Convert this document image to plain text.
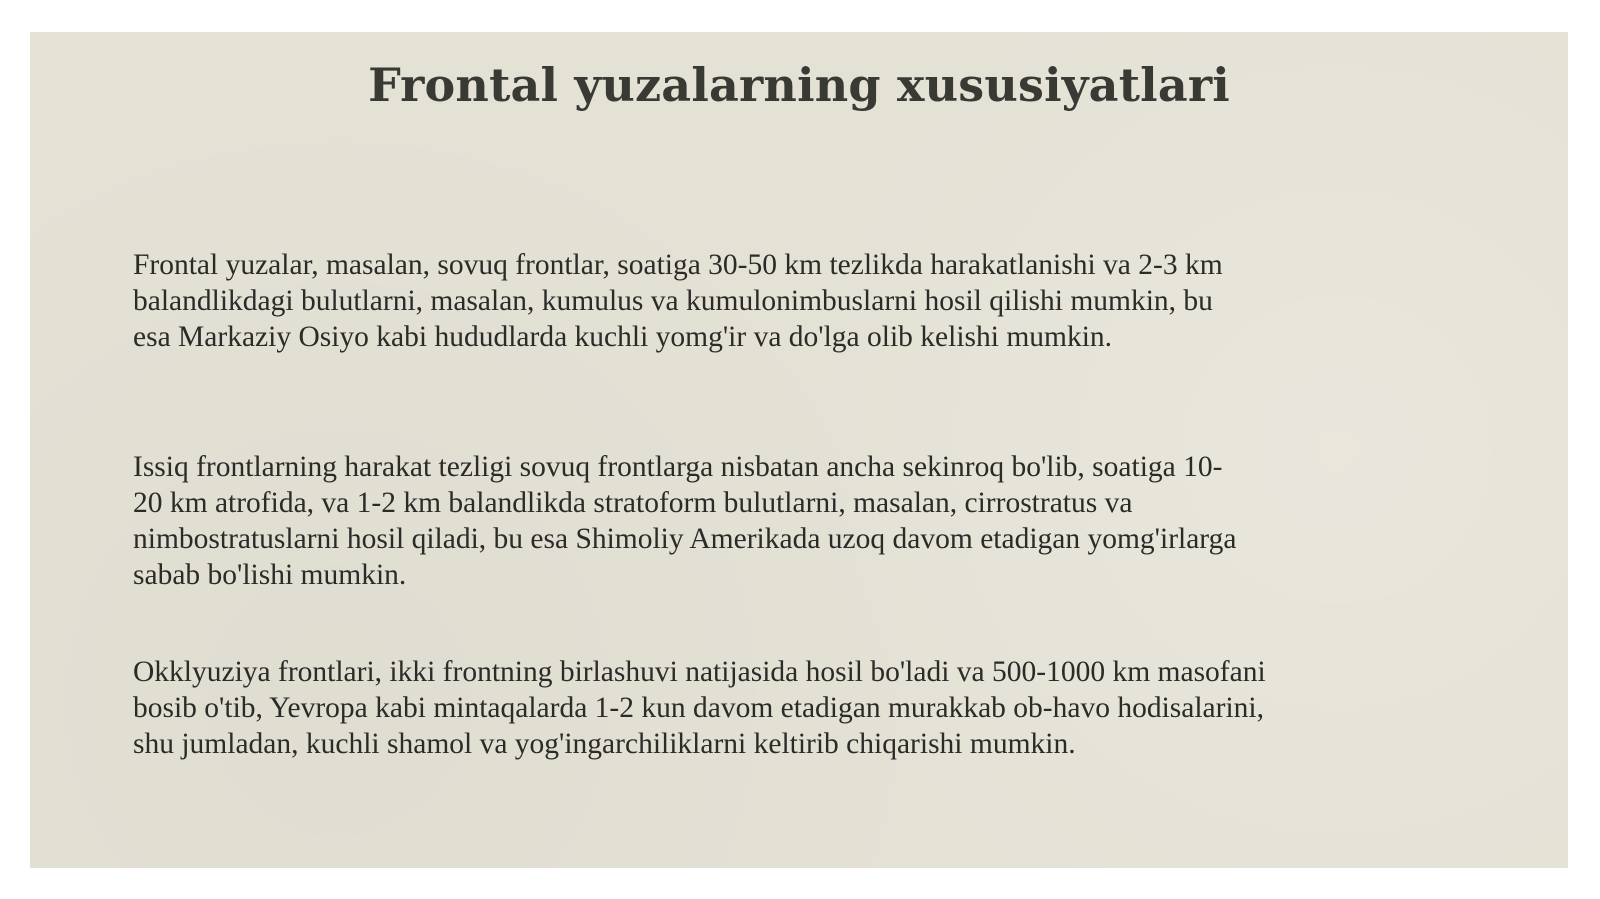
Frontal yuzalarning xususiyatlari

Frontal yuzalar, masalan, sovuq frontlar, soatiga 30-50 km tezlikda harakatlanishi va 2-3 km
balandlikdagi bulutlarni, masalan, kumulus va kumulonimbuslarni hosil qilishi mumkin, bu
esa Markaziy Osiyo kabi hududlarda kuchli yomg'ir va do'lga olib kelishi mumkin.

Issiq frontlarning harakat tezligi sovuq frontlarga nisbatan ancha sekinroq bo'lib, soatiga 10-
20 km atrofida, va 1-2 km balandlikda stratoform bulutlarni, masalan, cirrostratus va
nimbostratuslarni hosil qiladi, bu esa Shimoliy Amerikada uzoq davom etadigan yomg'irlarga
sabab bo'lishi mumkin.

Okklyuziya frontlari, ikki frontning birlashuvi natijasida hosil bo'ladi va 500-1000 km masofani
bosib o'tib, Yevropa kabi mintaqalarda 1-2 kun davom etadigan murakkab ob-havo hodisalarini,
shu jumladan, kuchli shamol va yog'ingarchiliklarni keltirib chiqarishi mumkin.
